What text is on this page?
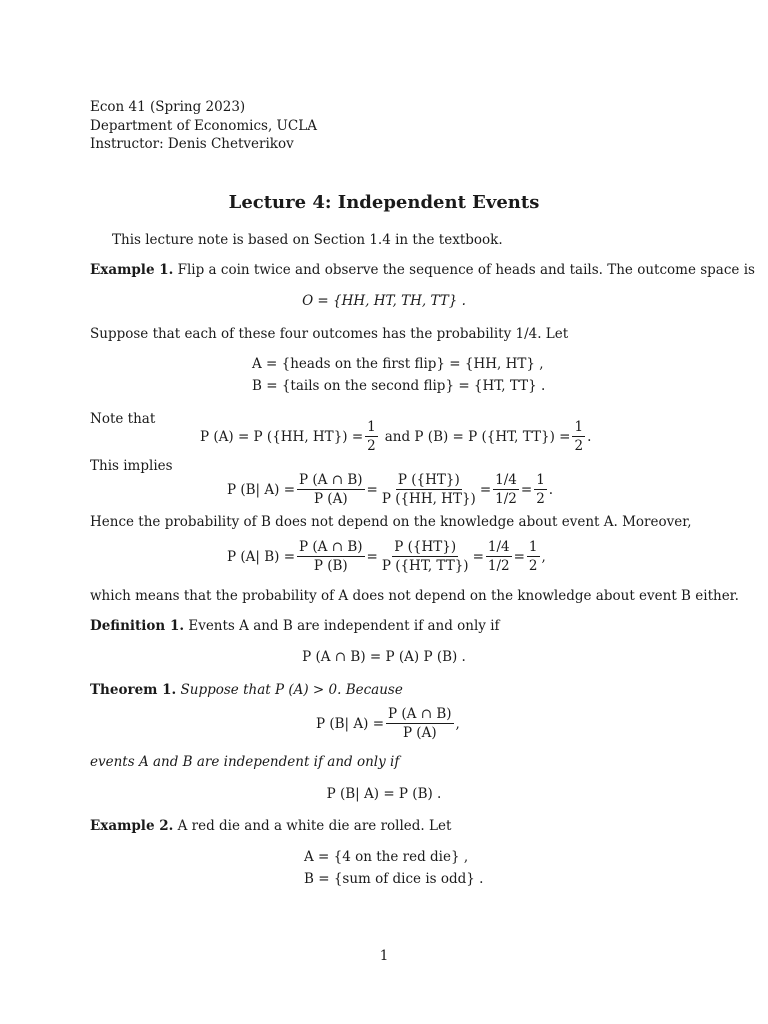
Econ 41 (Spring 2023)
Department of Economics, UCLA
Instructor: Denis Chetverikov
Lecture 4: Independent Events
This lecture note is based on Section 1.4 in the textbook.
Example 1. Flip a coin twice and observe the sequence of heads and tails. The outcome space is
O = {HH, HT, TH, TT} .
Suppose that each of these four outcomes has the probability 1/4. Let
A = {heads on the first flip} = {HH, HT} ,
B = {tails on the second flip} = {HT, TT} .
Note that
P (A) = P ({HH, $HT\}) = \frac{1}{2}$ and P (B) = P ({HT, $TT\}) = \frac{1}{2}$ .
This implies
P (B| $A) = \frac{P (A \cap B)}{P (A)} = \frac{P (\{HT\})}{P (\{HH, HT\})} = \frac{1/4}{1/2} = \frac{1}{2}$ .
Hence the probability of B does not depend on the knowledge about event A. Moreover,
P (A| $B) = \frac{P (A \cap B)}{P (B)} = \frac{P (\{HT\})}{P (\{HT, TT\})} = \frac{1/4}{1/2} = \frac{1}{2}$ ,
which means that the probability of A does not depend on the knowledge about event B either.
Definition 1. Events A and B are independent if and only if
P (A ∩ B) = P (A) P (B) .
Theorem 1. Suppose that P (A) > 0. Because
P (B| $A) = \frac{P (A \cap B)}{P (A)}$ ,
events A and B are independent if and only if
P (B| A) = P (B) .
Example 2. A red die and a white die are rolled. Let
A = {4 on the red die} ,
B = {sum of dice is odd} .
1
